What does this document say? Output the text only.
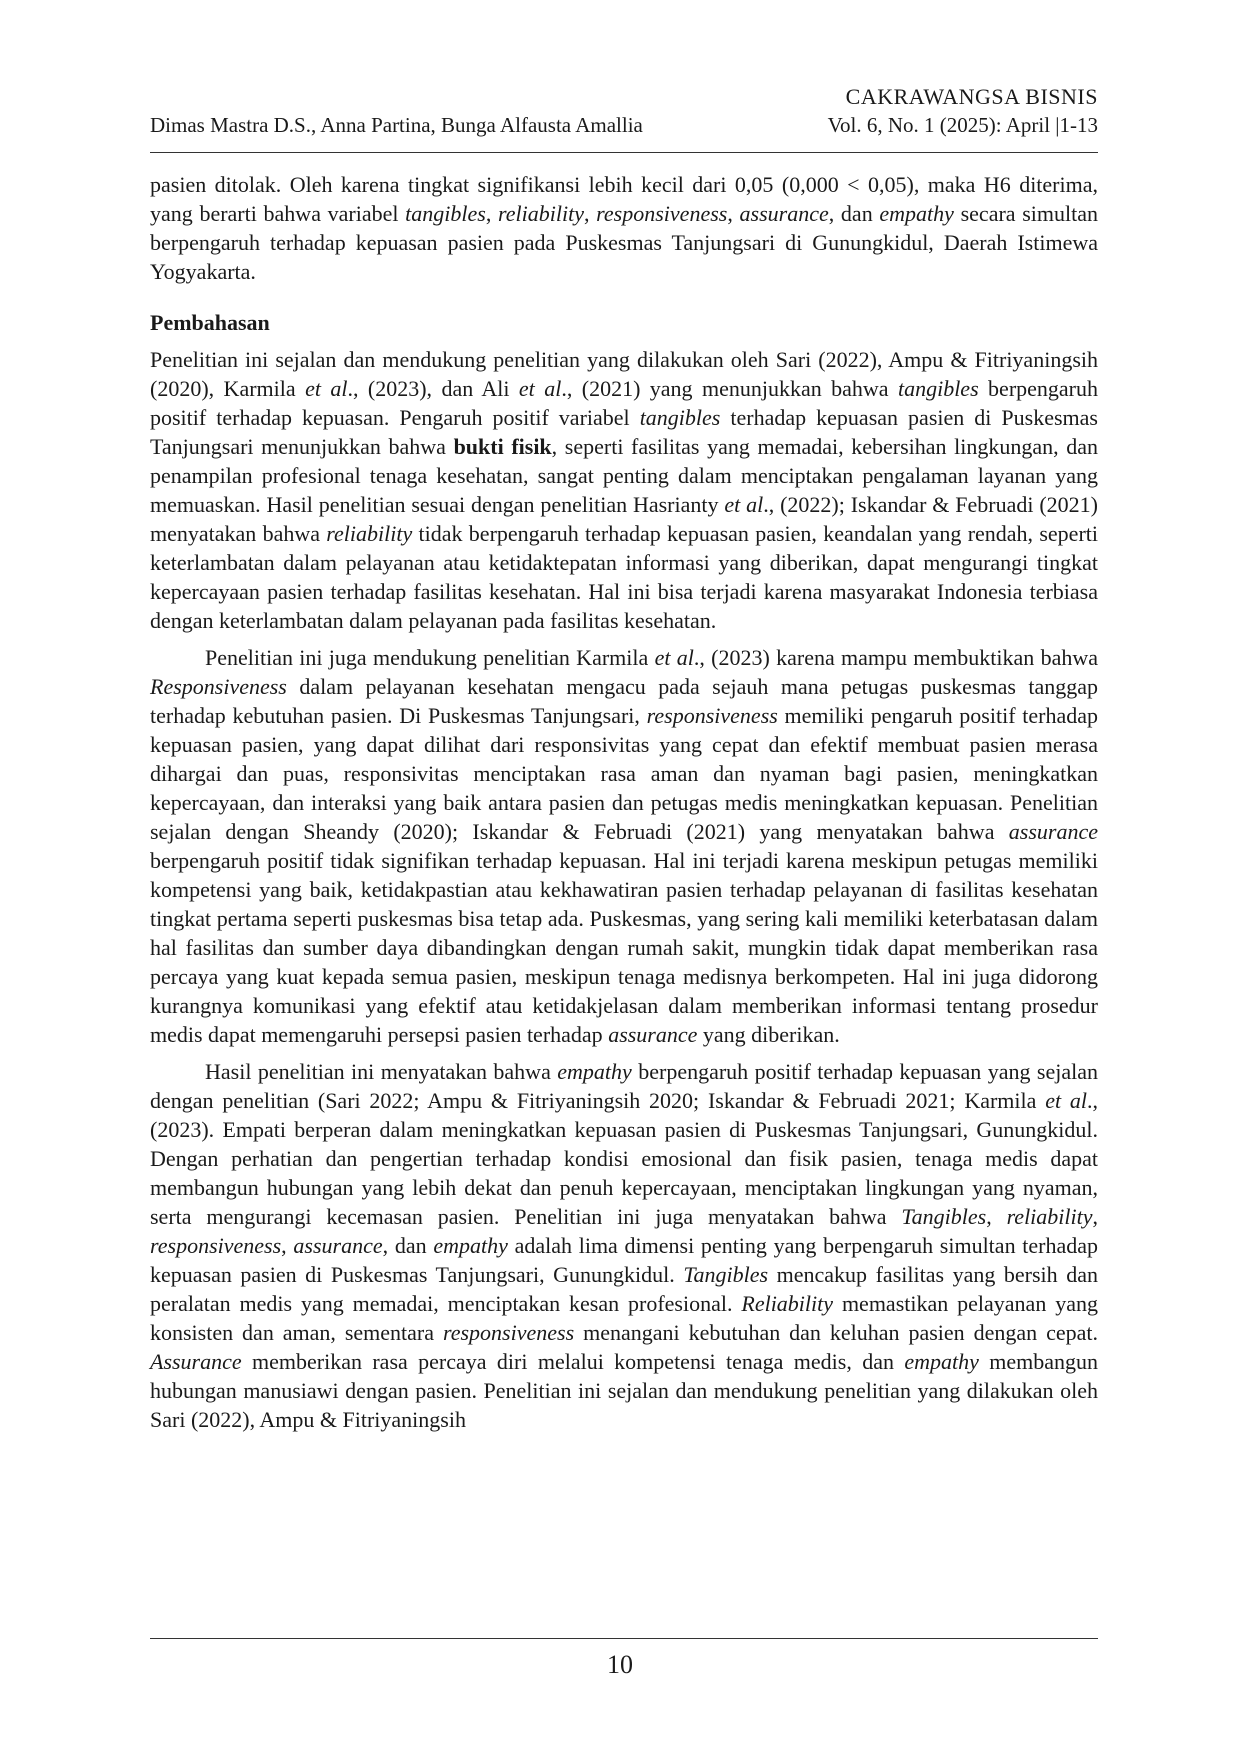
CAKRAWANGSA BISNIS
Dimas Mastra D.S., Anna Partina, Bunga Alfausta Amallia	Vol. 6, No. 1 (2025): April |1-13

pasien ditolak. Oleh karena tingkat signifikansi lebih kecil dari 0,05 (0,000 < 0,05), maka H6 diterima, yang berarti bahwa variabel tangibles, reliability, responsiveness, assurance, dan empathy secara simultan berpengaruh terhadap kepuasan pasien pada Puskesmas Tanjungsari di Gunungkidul, Daerah Istimewa Yogyakarta.

Pembahasan

Penelitian ini sejalan dan mendukung penelitian yang dilakukan oleh Sari (2022), Ampu & Fitriyaningsih (2020), Karmila et al., (2023), dan Ali et al., (2021) yang menunjukkan bahwa tangibles berpengaruh positif terhadap kepuasan. Pengaruh positif variabel tangibles terhadap kepuasan pasien di Puskesmas Tanjungsari menunjukkan bahwa bukti fisik, seperti fasilitas yang memadai, kebersihan lingkungan, dan penampilan profesional tenaga kesehatan, sangat penting dalam menciptakan pengalaman layanan yang memuaskan. Hasil penelitian sesuai dengan penelitian Hasrianty et al., (2022); Iskandar & Februadi (2021) menyatakan bahwa reliability tidak berpengaruh terhadap kepuasan pasien, keandalan yang rendah, seperti keterlambatan dalam pelayanan atau ketidaktepatan informasi yang diberikan, dapat mengurangi tingkat kepercayaan pasien terhadap fasilitas kesehatan. Hal ini bisa terjadi karena masyarakat Indonesia terbiasa dengan keterlambatan dalam pelayanan pada fasilitas kesehatan.

Penelitian ini juga mendukung penelitian Karmila et al., (2023) karena mampu membuktikan bahwa Responsiveness dalam pelayanan kesehatan mengacu pada sejauh mana petugas puskesmas tanggap terhadap kebutuhan pasien. Di Puskesmas Tanjungsari, responsiveness memiliki pengaruh positif terhadap kepuasan pasien, yang dapat dilihat dari responsivitas yang cepat dan efektif membuat pasien merasa dihargai dan puas, responsivitas menciptakan rasa aman dan nyaman bagi pasien, meningkatkan kepercayaan, dan interaksi yang baik antara pasien dan petugas medis meningkatkan kepuasan. Penelitian sejalan dengan Sheandy (2020); Iskandar & Februadi (2021) yang menyatakan bahwa assurance berpengaruh positif tidak signifikan terhadap kepuasan. Hal ini terjadi karena meskipun petugas memiliki kompetensi yang baik, ketidakpastian atau kekhawatiran pasien terhadap pelayanan di fasilitas kesehatan tingkat pertama seperti puskesmas bisa tetap ada. Puskesmas, yang sering kali memiliki keterbatasan dalam hal fasilitas dan sumber daya dibandingkan dengan rumah sakit, mungkin tidak dapat memberikan rasa percaya yang kuat kepada semua pasien, meskipun tenaga medisnya berkompeten. Hal ini juga didorong kurangnya komunikasi yang efektif atau ketidakjelasan dalam memberikan informasi tentang prosedur medis dapat memengaruhi persepsi pasien terhadap assurance yang diberikan.

Hasil penelitian ini menyatakan bahwa empathy berpengaruh positif terhadap kepuasan yang sejalan dengan penelitian (Sari 2022; Ampu & Fitriyaningsih 2020; Iskandar & Februadi 2021; Karmila et al., (2023). Empati berperan dalam meningkatkan kepuasan pasien di Puskesmas Tanjungsari, Gunungkidul. Dengan perhatian dan pengertian terhadap kondisi emosional dan fisik pasien, tenaga medis dapat membangun hubungan yang lebih dekat dan penuh kepercayaan, menciptakan lingkungan yang nyaman, serta mengurangi kecemasan pasien. Penelitian ini juga menyatakan bahwa Tangibles, reliability, responsiveness, assurance, dan empathy adalah lima dimensi penting yang berpengaruh simultan terhadap kepuasan pasien di Puskesmas Tanjungsari, Gunungkidul. Tangibles mencakup fasilitas yang bersih dan peralatan medis yang memadai, menciptakan kesan profesional. Reliability memastikan pelayanan yang konsisten dan aman, sementara responsiveness menangani kebutuhan dan keluhan pasien dengan cepat. Assurance memberikan rasa percaya diri melalui kompetensi tenaga medis, dan empathy membangun hubungan manusiawi dengan pasien. Penelitian ini sejalan dan mendukung penelitian yang dilakukan oleh Sari (2022), Ampu & Fitriyaningsih

10
